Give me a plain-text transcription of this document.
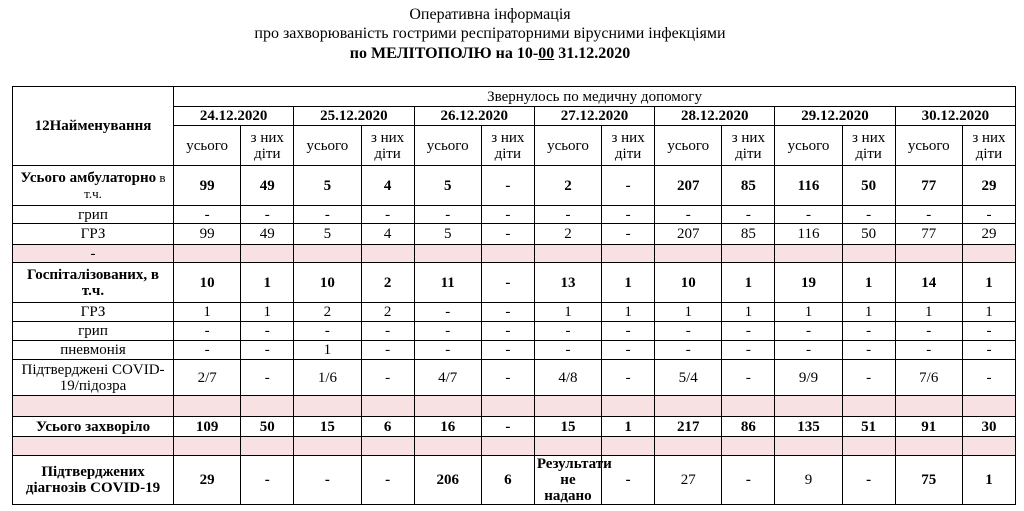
Оперативна інформація
про захворюваність гострими респіраторними вірусними інфекціями
по МЕЛІТОПОЛЮ на 10-00 31.12.2020
12Найменування	Звернулось по медичну допомогу													
	24.12.2020		25.12.2020		26.12.2020		27.12.2020		28.12.2020		29.12.2020		30.12.2020	
	усього	з них діти	усього	з них діти	усього	з них діти	усього	з них діти	усього	з них діти	усього	з них діти	усього	з них діти
Усього амбулаторно в т.ч.	99	49	5	4	5	-	2	-	207	85	116	50	77	29
грип	-	-	-	-	-	-	-	-	-	-	-	-	-	-
ГРЗ	99	49	5	4	5	-	2	-	207	85	116	50	77	29
-														
Госпіталізованих, в т.ч.	10	1	10	2	11	-	13	1	10	1	19	1	14	1
ГРЗ	1	1	2	2	-	-	1	1	1	1	1	1	1	1
грип	-	-	-	-	-	-	-	-	-	-	-	-	-	-
пневмонія	-	-	1	-	-	-	-	-	-	-	-	-	-	-
Підтверджені COVID-19/підозра	2/7	-	1/6	-	4/7	-	4/8	-	5/4	-	9/9	-	7/6	-

Усього захворіло	109	50	15	6	16	-	15	1	217	86	135	51	91	30

Підтверджених діагнозів COVID-19	29	-	-	-	206	6	Результати не надано	-	27	-	9	-	75	1
